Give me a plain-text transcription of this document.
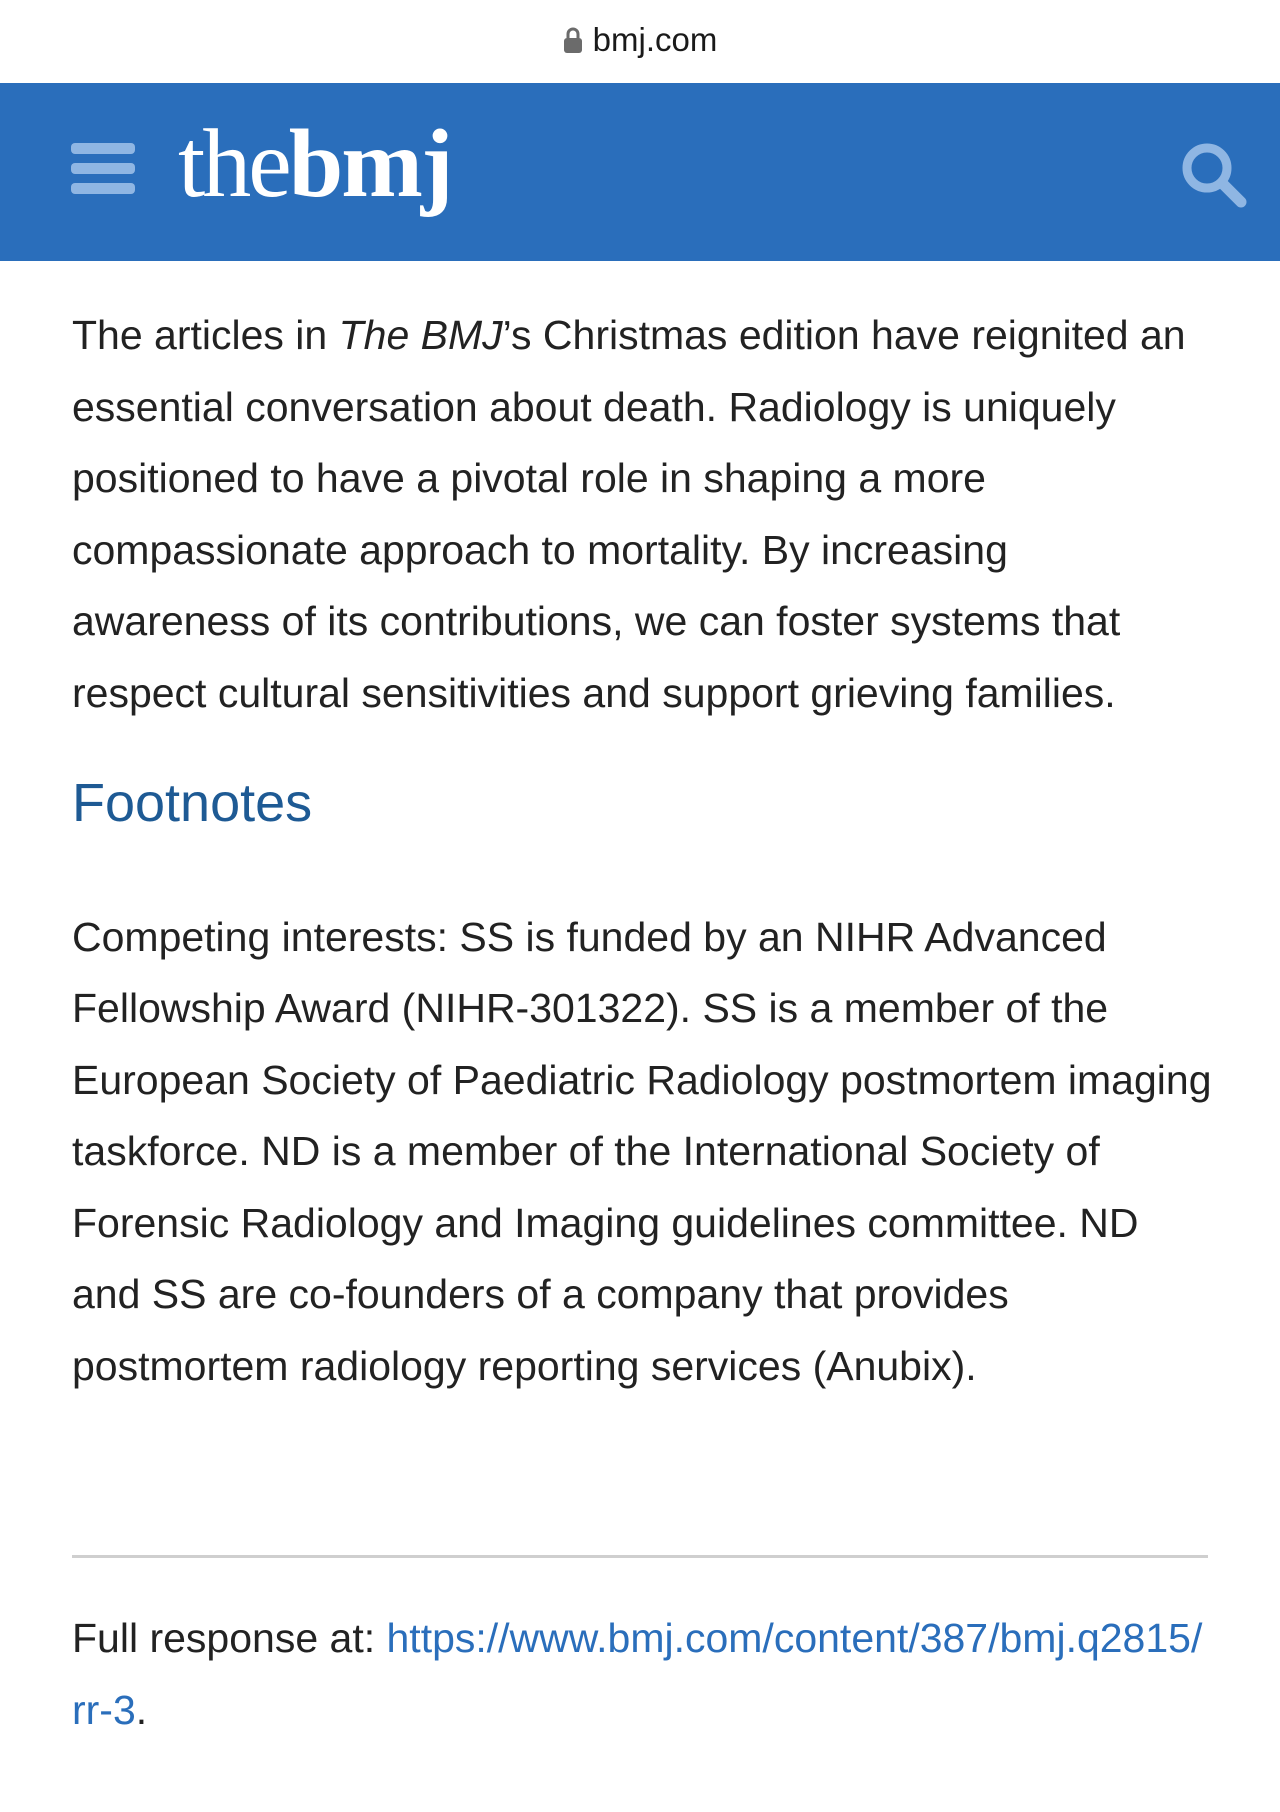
bmj.com
the bmj

The articles in The BMJ’s Christmas edition have reignited an essential conversation about death. Radiology is uniquely positioned to have a pivotal role in shaping a more compassionate approach to mortality. By increasing awareness of its contributions, we can foster systems that respect cultural sensitivities and support grieving families.

Footnotes

Competing interests: SS is funded by an NIHR Advanced Fellowship Award (NIHR-301322). SS is a member of the European Society of Paediatric Radiology postmortem imaging taskforce. ND is a member of the International Society of Forensic Radiology and Imaging guidelines committee. ND and SS are co-founders of a company that provides postmortem radiology reporting services (Anubix).

Full response at: https://www.bmj.com/content/387/bmj.q2815/rr-3.
